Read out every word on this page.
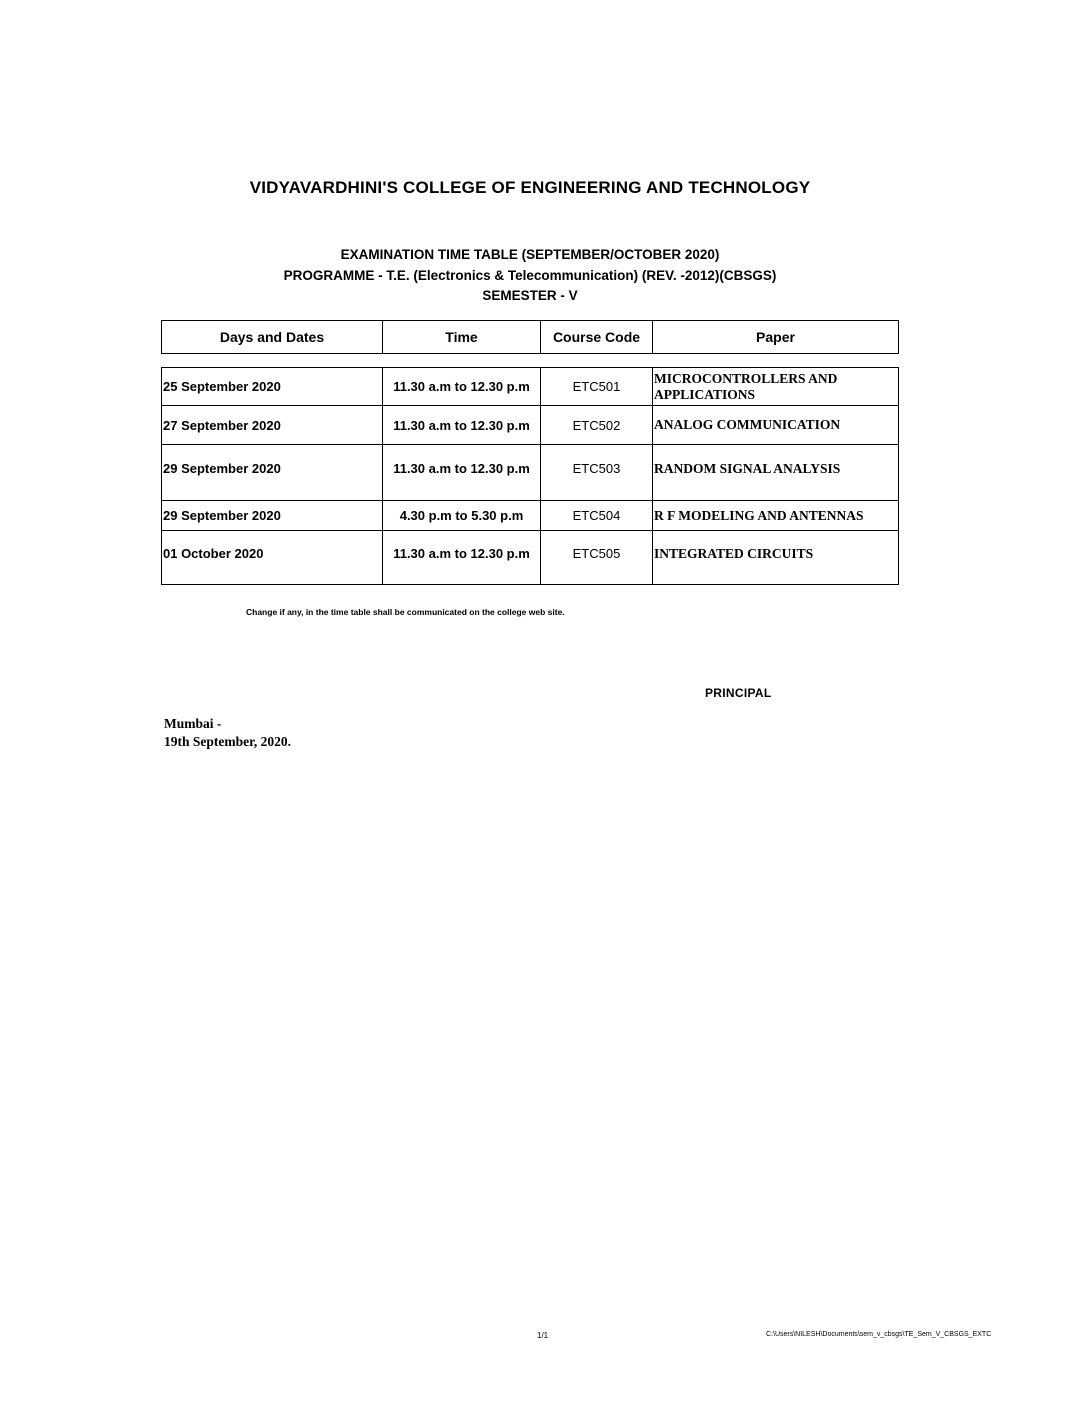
VIDYAVARDHINI'S COLLEGE OF ENGINEERING AND TECHNOLOGY
EXAMINATION TIME TABLE (SEPTEMBER/OCTOBER 2020)
PROGRAMME - T.E. (Electronics & Telecommunication) (REV. -2012)(CBSGS)
SEMESTER - V
Days and Dates	Time	Course Code	Paper
25 September 2020	11.30 a.m to 12.30 p.m	ETC501	MICROCONTROLLERS AND APPLICATIONS
27 September 2020	11.30 a.m to 12.30 p.m	ETC502	ANALOG COMMUNICATION
29 September 2020	11.30 a.m to 12.30 p.m	ETC503	RANDOM SIGNAL ANALYSIS
29 September 2020	4.30 p.m to 5.30 p.m	ETC504	R F MODELING AND ANTENNAS
01 October 2020	11.30 a.m to 12.30 p.m	ETC505	INTEGRATED CIRCUITS
Change if any, in the time table shall be communicated on the college web site.
PRINCIPAL
Mumbai -
19th September, 2020.
1/1	C:\Users\NILESH\Documents\sem_v_cbsgs\TE_Sem_V_CBSGS_EXTC
